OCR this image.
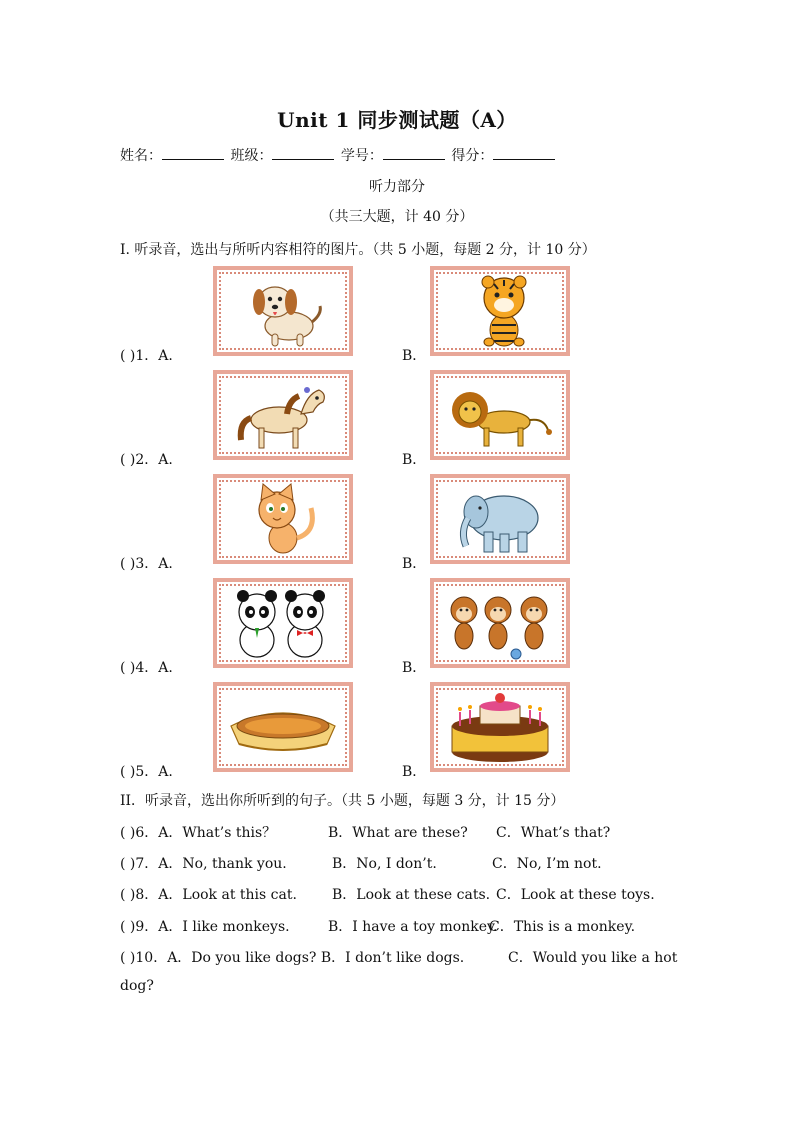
Unit 1 同步测试题（A）
姓名：	班级：	学号：	得分：
听力部分
（共三大题，计 40 分）
I. 听录音，选出与所听内容相符的图片。（共 5 小题，每题 2 分，计 10 分）
( )1．A.	B．
( )2．A.	B．
( )3．A.	B．
( )4．A.	B．
( )5．A.	B．
II．听录音，选出你所听到的句子。（共 5 小题，每题 3 分，计 15 分）
( )6．A．What’s this？	B．What are these? C．What’s that?
( )7．A．No, thank you.	B．No, I don’t.	C．No, I’m not.
( )8．A．Look at this cat.	B．Look at these cats. C．Look at these toys.
( )9．A．I like monkeys.	B．I have a toy monkey.
C．This is a monkey.
( )10．A．Do you like dogs? B．I don’t like dogs.	C．Would you like a hot
dog?
